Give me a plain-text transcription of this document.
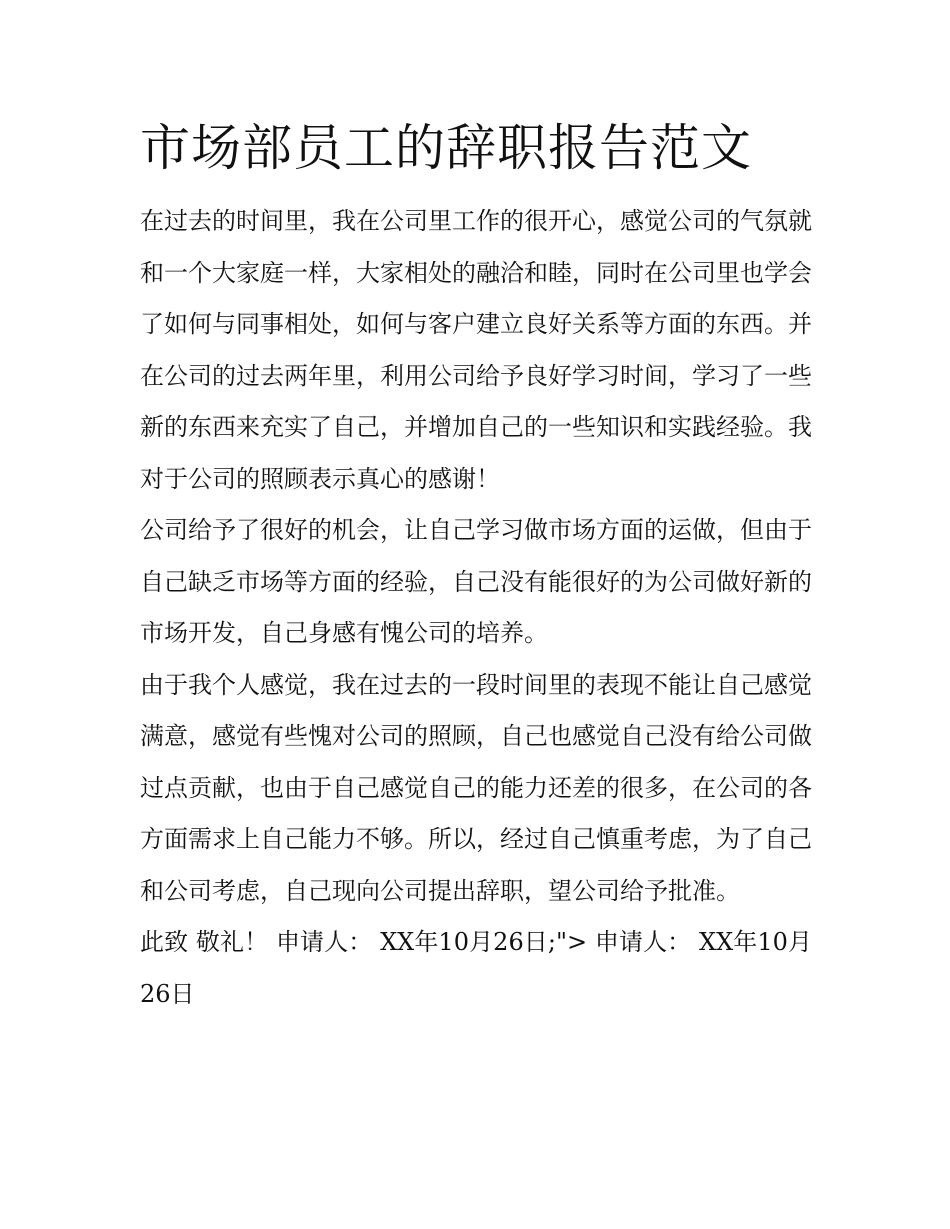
市场部员工的辞职报告范文

在过去的时间里，我在公司里工作的很开心，感觉公司的气氛就和一个大家庭一样，大家相处的融洽和睦，同时在公司里也学会了如何与同事相处，如何与客户建立良好关系等方面的东西。并在公司的过去两年里，利用公司给予良好学习时间，学习了一些新的东西来充实了自己，并增加自己的一些知识和实践经验。我对于公司的照顾表示真心的感谢！

公司给予了很好的机会，让自己学习做市场方面的运做，但由于自己缺乏市场等方面的经验，自己没有能很好的为公司做好新的市场开发，自己身感有愧公司的培养。

由于我个人感觉，我在过去的一段时间里的表现不能让自己感觉满意，感觉有些愧对公司的照顾，自己也感觉自己没有给公司做过点贡献，也由于自己感觉自己的能力还差的很多，在公司的各方面需求上自己能力不够。所以，经过自己慎重考虑，为了自己和公司考虑，自己现向公司提出辞职，望公司给予批准。

此致 敬礼！ 申请人： XX年10月26日;"> 申请人： XX年10月26日
